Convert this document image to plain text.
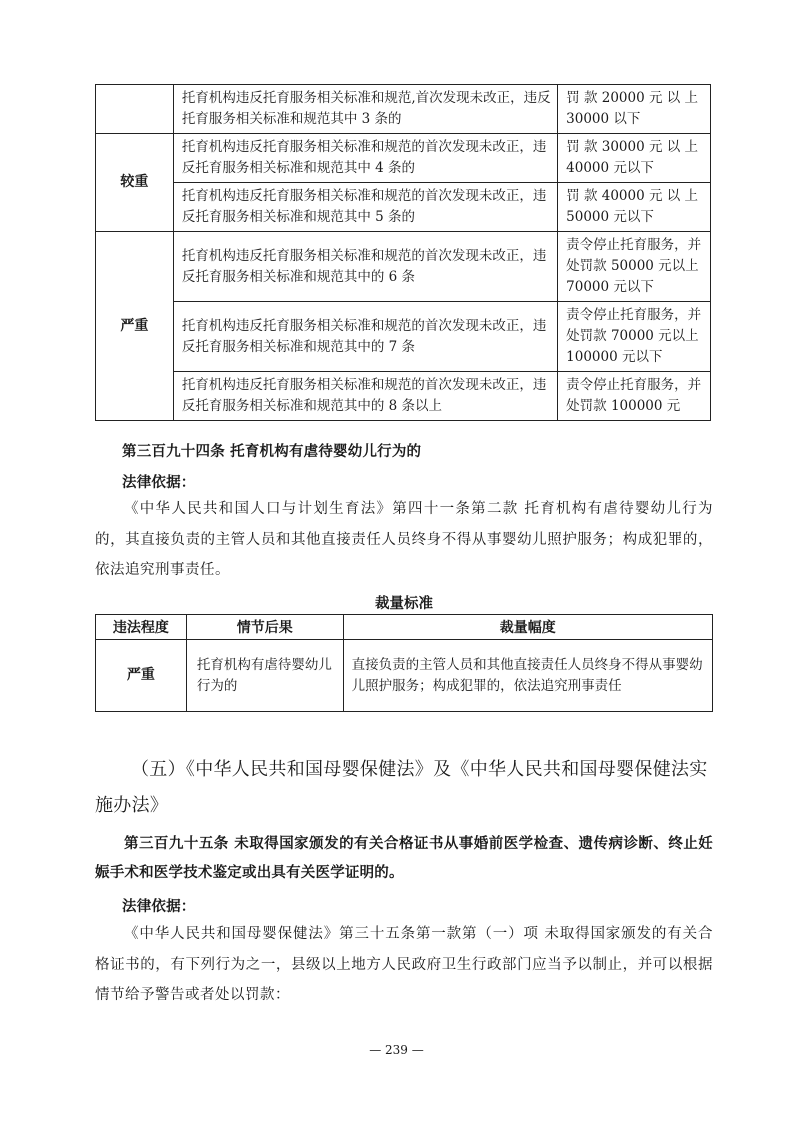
	托育机构违反托育服务相关标准和规范,首次发现未改正，违反托育服务相关标准和规范其中 3 条的	罚 款 20000 元 以 上 30000 以下
较重	托育机构违反托育服务相关标准和规范的首次发现未改正，违反托育服务相关标准和规范其中 4 条的	罚 款 30000 元 以 上 40000 元以下
	托育机构违反托育服务相关标准和规范的首次发现未改正，违反托育服务相关标准和规范其中 5 条的	罚 款 40000 元 以 上 50000 元以下
严重	托育机构违反托育服务相关标准和规范的首次发现未改正，违反托育服务相关标准和规范其中的 6 条	责令停止托育服务，并处罚款 50000 元以上 70000 元以下
	托育机构违反托育服务相关标准和规范的首次发现未改正，违反托育服务相关标准和规范其中的 7 条	责令停止托育服务，并处罚款 70000 元以上 100000 元以下
	托育机构违反托育服务相关标准和规范的首次发现未改正，违反托育服务相关标准和规范其中的 8 条以上	责令停止托育服务，并处罚款 100000 元
第三百九十四条 托育机构有虐待婴幼儿行为的
法律依据：
《中华人民共和国人口与计划生育法》第四十一条第二款 托育机构有虐待婴幼儿行为的，其直接负责的主管人员和其他直接责任人员终身不得从事婴幼儿照护服务；构成犯罪的，依法追究刑事责任。
裁量标准
违法程度	情节后果	裁量幅度
严重	托育机构有虐待婴幼儿行为的	直接负责的主管人员和其他直接责任人员终身不得从事婴幼儿照护服务；构成犯罪的，依法追究刑事责任
（五）《中华人民共和国母婴保健法》及《中华人民共和国母婴保健法实施办法》
第三百九十五条 未取得国家颁发的有关合格证书从事婚前医学检查、遗传病诊断、终止妊娠手术和医学技术鉴定或出具有关医学证明的。
法律依据：
《中华人民共和国母婴保健法》第三十五条第一款第（一）项 未取得国家颁发的有关合格证书的，有下列行为之一，县级以上地方人民政府卫生行政部门应当予以制止，并可以根据情节给予警告或者处以罚款：
— 239 —
